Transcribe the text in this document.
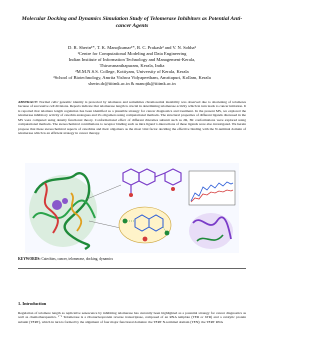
Molecular Docking and Dynamics Simulation Study of Telomerase Inhibitors as Potential Anti-cancer Agents
D. R. Sherin¹*, T. K. Manojkumar¹*, R. C. Prakash² and V. N. Sobha³
¹Centre for Computational Modeling and Data Engineering
Indian Institute of Information Technology and Management-Kerala,
Thiruvananthapuram, Kerala, India
²M.M.N.S.S. College, Kottiyam, University of Kerala, Kerala
³School of Biotechnology, Amrita Vishwa Vidyapeetham, Amritapuri, Kollam, Kerala
sherin.dr@iiitmk.ac.in & manojtk@iiitmk.ac.in
ABSTRACT: Normal cells' genomic identity is protected by telomeres and sometimes chromosomal instability was observed due to shortening of telomeres because of successive cell divisions. Reports indicate that telomerase length is crucial in determining telomerase activity which in turn leads to cancer initiation. It is reported that telomere length regulation has been identified as a plausible strategy for cancer diagnostics and treatment. In the present MS, we explored the telomerase inhibitory activity of catechin analogues and it's oligomers using computational methods. The structural properties of different ligands discussed in the MS were computed using density functional theory. Conformational effect of different rhizomes subunit such as 2R, 3R conformations were explored using computational methods. The stereochemical contributions to receptor binding such as intra ligand π-interactions of these ligands were also investigated. We herein propose that these stereochemical aspects of catechins and their oligomers as the most vital factor deciding the effective binding with the N-terminal domain of telomerase which is an efficient strategy in cancer therapy.
KEYWORDS: Catechins, cancer, telomerase, docking, dynamics
1. Introduction
Regulation of telomere length as replicative senescence by inhibiting telomerase has currently been highlighted as a potential strategy for cancer diagnostics as well as chemotherapeutics. ¹⁻³ Telomerase is a ribonucleoprotein reverse transcriptase, composed of an RNA template (TER or hTR) and a catalytic protein subunit (TERT), which in turn is formed by the alignment of four major functional domains: the TERT N-terminal domain (TEN); the TERT RNA
